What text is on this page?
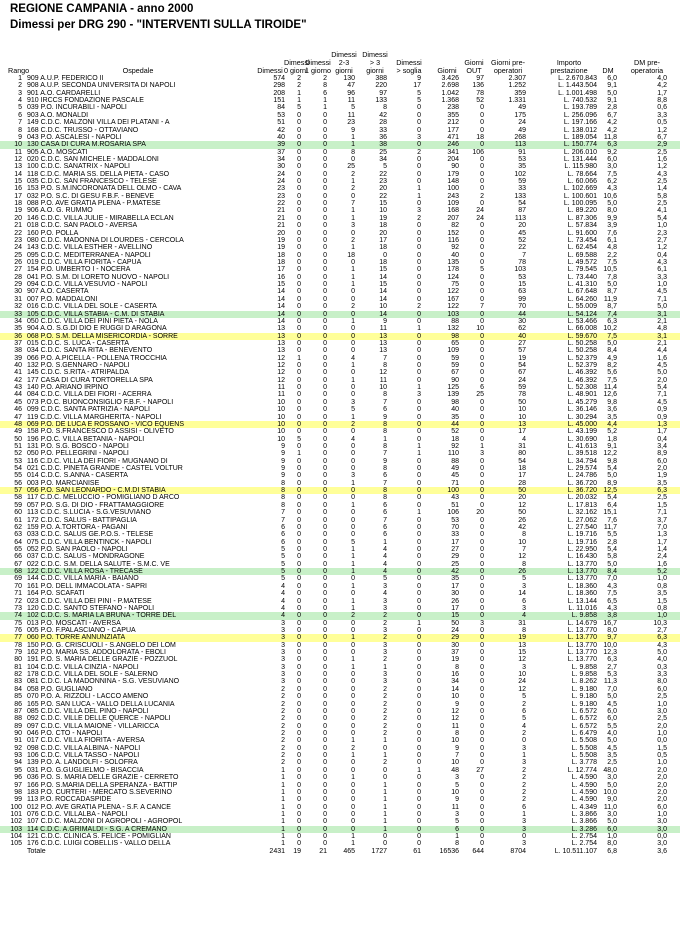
REGIONE CAMPANIA - anno 2000
Dimessi per DRG 290 - "INTERVENTI SULLA TIROIDE"
Rango	Ospedale	Dimessi
Dimessi
0 giorni
Dimessi
1 giorno
Dimessi
2-3
giorni
Dimessi
> 3
giorni
Dimessi
> soglia	Giorni
Giorni
OUT
Giorni pre-
operatori
Importo
prestazione	DM
DM pre-
operatoria
1 909 A.U.P. FEDERICO II	574	2	2	130	388	9	3.426	97	2.307	L. 2.670.843	6,0	4,0
2 908 A.U.P. SECONDA UNIVERSITA DI NAPOLI	298	2	8	47	220	17	2.698	136	1.252	L. 1.443.504	9,1	4,2
3 901 A.O. CARDARELLI	208	1	6	96	97	5	1.042	78	359	L. 1.001.498	5,0	1,7
4 910 IRCCS FONDAZIONE PASCALE	151	1	1	11	133	5	1.368	52	1.331	L. 740.532	9,1	8,8
5 039 P.O. INCURABILI - NAPOLI	84	5	1	5	8	0	238	0	49	L. 193.789	2,8	0,6
6 903 A.O. MONALDI	53	0	0	11	42	0	355	0	175	L. 256.096	6,7	3,3
7 149 C.D.C. MALZONI VILLA DEI PLATANI - A	51	0	0	23	28	0	212	0	24	L. 197.166	4,2	0,5
8 168 C.D.C. TRUSSO - OTTAVIANO	42	0	0	9	33	0	177	0	49	L. 138.012	4,2	1,2
9 043 P.O. ASCALESI - NAPOLI	40	0	0	1	36	3	471	18	268	L. 189.054 11,8	6,7
10 130 CASA DI CURA M.ROSARIA SPA	39	0	0	1	38	0	246	0	113	L. 150.774	6,3	2,9
11 905 A.O. MOSCATI	37	0	0	8	25	2	341	106	91	L. 206.010	9,2	2,5
12 020 C.D.C. SAN MICHELE - MADDALONI	34	0	0	0	34	0	204	0	53	L. 131.444	6,0	1,6
13 100 C.D.C. SANATRIX - NAPOLI	30	0	0	25	5	0	90	0	35	L. 115.980	3,0	1,2
14 118 C.D.C. MARIA SS. DELLA PIETA - CASO	24	0	0	2	22	0	179	0	102	L. 78.664	7,5	4,3
15 035 C.D.C. SAN FRANCESCO - TELESE	24	0	0	1	23	0	148	0	59	L. 60.066	6,2	2,5
16 153 P.O. S.M.INCORONATA DELL OLMO - CAVA	23	0	0	2	20	1	100	0	33	L. 102.669	4,3	1,4
17 032 P.O. S.C. DI GESU F.B.F. - BENEVE	23	0	0	0	22	1	243	2	133	L. 100.601 10,6	5,8
18 088 P.O. AVE GRATIA PLENA - P.MATESE	22	0	0	7	15	0	109	0	54	L. 100.095	5,0	2,5
19 906 A.O. G. RUMMO	21	0	0	1	10	3	168	24	87	L. 89.220	8,0	4,1
20 146 C.D.C. VILLA JULIE - MIRABELLA ECLAN	21	0	0	1	19	2	207	24	113	L. 87.306	9,9	5,4
21 018 C.D.C. SAN PAOLO - AVERSA	21	0	0	3	18	0	82	0	20	L. 57.834	3,9	1,0
22 160 P.O. POLLA	20	0	0	0	20	0	152	0	45	L. 91.600	7,6	2,3
23 080 C.D.C. MADONNA DI LOURDES - CERCOLA	19	0	0	2	17	0	116	0	52	L. 73.454	6,1	2,7
24 143 C.D.C. VILLA ESTHER - AVELLINO	19	0	0	1	18	0	92	0	22	L. 62.454	4,8	1,2
25 095 C.D.C. MEDITERRANEA - NAPOLI	18	0	0	18	0	0	40	0	7	L. 69.588	2,2	0,4
26 019 C.D.C. VILLA FIORITA - CAPUA	18	0	0	0	18	0	135	0	78	L. 49.572	7,5	4,3
27 154 P.O. UMBERTO I - NOCERA	17	0	0	1	15	0	178	5	103	L. 79.545 10,5	6,1
28 041 P.O. S.M. DI LORETO NUOVO - NAPOLI	16	0	0	1	14	0	124	0	53	L. 73.440	7,8	3,3
29 094 C.D.C. VILLA VESUVIO - NAPOLI	15	0	0	1	15	0	75	0	15	L. 41.310	5,0	1,0
30 907 A.O. CASERTA	14	0	0	0	14	0	122	0	63	L. 67.648	8,7	4,5
31 007 P.O. MADDALONI	14	0	0	0	14	0	167	0	99	L. 64.260 11,9	7,1
32 016 C.D.C. VILLA DEL SOLE - CASERTA	14	0	0	2	10	2	122	7	70	L. 55.009	8,7	5,0
33 105 C.D.C. VILLA STABIA - C.M. DI STABIA	14	0	0	0	14	0	103	0	44	L. 54.124	7,4	3,1
34 050 C.D.C. VILLA DEI PINI PIETA - NOLA	14	0	0	1	9	0	88	0	30	L. 53.466	6,3	2,1
35 904 A.O. S.G.DI DIO E RUGGI D ARAGONA	13	0	0	0	11	1	132	10	62	L. 66.008 10,2	4,8
36 068 P.O. S.M. DELLA MISERICORDIA - SORRE	13	0	0	0	13	0	98	0	40	L. 59.670	7,5	3,1
37 015 C.D.C. S. LUCA - CASERTA	13	0	0	0	13	0	65	0	27	L. 50.258	5,0	2,1
38 034 C.D.C. SANTA RITA - BENEVENTO	13	0	0	0	13	0	109	0	57	L. 50.258	8,4	4,4
39 066 P.O. A.PICELLA - POLLENA TROCCHIA	12	1	0	4	7	0	59	0	19	L. 52.379	4,9	1,6
40 132 P.O. S.GENNARO - NAPOLI	12	0	0	1	8	0	59	0	54	L. 52.379	8,2	4,5
41 145 C.D.C. S.RITA - ATRIPALDA	12	0	0	0	12	0	67	0	67	L. 46.392	5,6	5,0
42 177 CASA DI CURA TORTORELLA SPA	12	0	0	1	11	0	90	0	24	L. 46.392	7,5	2,0
43 140 P.O. ARIANO IRPINO	11	0	0	0	10	1	125	6	59	L. 52.308 11,4	5,4
44 084 C.D.C. VILLA DEI FIORI - ACERRA	11	0	0	0	8	3	139	25	78	L. 48.901 12,6	7,1
45 073 P.O.C. BUONCONSIGLIO F.B.F. - NAPOLI	10	0	0	3	7	0	98	0	50	L. 45.279	9,8	4,5
46 099 C.D.C. SANTA PATRIZIA - NAPOLI	10	0	0	5	6	0	40	0	10	L. 36.146	3,6	0,9
47 119 C.D.C. VILLA MARGHERITA - NAPOLI	10	0	0	1	9	0	35	0	10	L. 30.294	3,5	0,9
48 069 P.O. DE LUCA E ROSSANO - VICO EQUENS	10	0	0	2	8	0	44	0	13	L. 45.000	4,4	1,3
49 158 P.O. S.FRANCESCO D ASSISI - OLIVETO	10	0	0	0	8	0	52	0	17	L. 43.199	5,2	1,7
50 196 P.O.C. VILLA BETANIA - NAPOLI	10	5	0	4	1	0	18	0	4	L. 30.690	1,8	0,4
51 131 P.O. S.G. BOSCO - NAPOLI	9	0	0	0	8	1	92	1	31	L. 41.613	9,1	3,4
52 050 P.O. PELLEGRINI - NAPOLI	9	1	0	0	7	1	110	3	80	L. 39.518 12,2	8,9
53 116 C.D.C. VILLA DEI FIORI - MUGNANO DI	9	0	0	0	9	0	88	0	54	L. 34.794	9,8	6,0
54 021 C.D.C. PINETA GRANDE - CASTEL VOLTUR	9	0	0	0	8	0	49	0	18	L. 29.574	5,4	2,0
55 014 C.D.C. S.ANNA - CASERTA	9	0	0	3	6	0	45	0	17	L. 24.786	5,0	1,9
56 003 P.O. MARCIANISE	8	0	0	1	7	0	71	0	28	L. 36.720	8,9	3,5
57 056 P.O. SAN LEONARDO - C.M.DI STABIA	8	0	0	0	8	0	100	0	50	L. 36.720 12,5	6,3
58 117 C.D.C. MELUCCIO - POMIGLIANO D ARCO	8	0	0	0	8	0	43	0	20	L. 20.032	5,4	2,5
59 057 P.O. S.G. DI DIO - FRATTAMAGGIORE	8	0	0	1	6	0	51	0	12	L. 17.813	6,4	1,5
60 113 C.D.C. S.LUCIA - S.G.VESUVIANO	7	0	0	0	6	1	106	20	50	L. 32.162 15,1	7,1
61 172 C.D.C. SALUS - BATTIPAGLIA	7	0	0	0	7	0	53	0	26	L. 27.062	7,6	3,7
62 159 P.O. A.TORTORA - PAGANI	6	0	0	0	6	0	70	0	42	L. 27.540 11,7	7,0
63 033 C.D.C. SALUS GE.P.O.S. - TELESE	6	0	0	0	6	0	33	0	8	L. 19.716	5,5	1,3
64 075 C.D.C. VILLA BENTINCK - NAPOLI	6	0	0	5	1	0	17	0	10	L. 19.716	2,8	1,7
65 052 P.O. SAN PAOLO - NAPOLI	5	0	0	1	4	0	27	0	7	L. 22.950	5,4	1,4
66 037 C.D.C. SALUS - MONDRAGONE	5	0	0	1	4	0	29	0	12	L. 16.430	5,8	2,4
67 022 C.D.C. S.M. DELLA SALUTE - S.M.C. VE	5	0	0	1	4	0	25	0	8	L. 13.770	5,0	1,6
68 122 C.D.C. VILLA ROSA - TRECASE	5	0	0	1	4	0	42	0	26	L. 13.770	8,4	5,2
69 144 C.D.C. VILLA MARIA - BAIANO	5	0	0	0	5	0	35	0	5	L. 13.770	7,0	1,0
70 161 P.O. DELL IMMACOLATA - SAPRI	4	0	0	1	3	0	17	0	3	L. 18.360	4,3	0,8
71 164 P.O. SCAFATI	4	0	0	0	4	0	30	0	14	L. 18.360	7,5	3,5
72 023 C.D.C. VILLA DEI PINI - P.MATESE	4	0	0	1	3	0	26	0	6	L. 13.144	6,5	1,5
73 120 C.D.C. SANTO STEFANO - NAPOLI	4	0	0	1	3	0	17	0	3	L. 11.016	4,3	0,8
74 102 C.D.C. S. MARIA LA BRUNA - TORRE DEL	4	0	0	2	2	0	15	0	4	L. 9.858	3,8	1,0
75 013 P.O. MOSCATI - AVERSA	3	0	0	0	2	1	50	3	31	L. 14.679 16,7	10,3
76 005 P.O. F.PALASCIANO - CAPUA	3	0	0	0	3	0	24	0	8	L. 13.770	8,0	2,7
77 060 P.O. TORRE ANNUNZIATA	3	0	0	1	2	0	29	0	19	L. 13.770	9,7	6,3
78 150 P.O. G. CRISCUOLI - S.ANGELO DEI LOM	3	0	0	0	3	0	30	0	13	L. 13.770 10,0	4,3
79 162 P.O. MARIA SS. ADDOLORATA - EBOLI	3	0	0	0	3	0	37	0	15	L. 13.770 12,3	5,0
80 191 P.O. S. MARIA DELLE GRAZIE - POZZUOL	3	0	0	1	2	0	19	0	12	L. 13.770	6,3	4,0
81 104 C.D.C. VILLA CINZIA - NAPOLI	3	0	0	1	1	0	8	0	3	L. 9.858	2,7	0,3
82 178 C.D.C. VILLA DEL SOLE - SALERNO	3	0	0	0	3	0	16	0	10	L. 9.858	5,3	3,3
83 081 C.D.C. LA MADONNINA - S.G. VESUVIANO	3	0	0	0	3	0	34	0	24	L. 8.262 11,3	8,0
84 058 P.O. GUGLIANO	2	0	0	0	2	0	14	0	12	L. 9.180	7,0	6,0
85 070 P.O. A. RIZZOLI - LACCO AMENO	2	0	0	0	2	0	10	0	5	L. 9.180	5,0	2,5
86 165 P.O. SAN LUCA - VALLO DELLA LUCANIA	2	0	0	0	2	0	9	0	2	L. 9.180	4,5	1,0
87 085 C.D.C. VILLA DEL PINO - NAPOLI	2	0	0	0	2	0	12	0	6	L. 6.572	6,0	3,0
88 092 C.D.C. VILLE DELLE QUERCE - NAPOLI	2	0	0	0	2	0	12	0	5	L. 6.572	6,0	2,5
89 097 C.D.C. VILLA MAIONE - VILLARICCA	2	0	0	0	2	0	11	0	4	L. 6.572	5,5	2,0
90 046 P.O. CTO - NAPOLI	2	0	0	0	2	0	8	0	2	L. 6.479	4,0	1,0
91 017 C.D.C. VILLA FIORITA - AVERSA	2	0	0	1	1	0	10	0	0	L. 5.508	5,0	0,0
92 098 C.D.C. VILLA ALBINA - NAPOLI	2	0	0	2	0	0	9	0	3	L. 5.508	4,5	1,5
93 106 C.D.C. VILLA TASSO - NAPOLI	2	0	0	1	1	0	7	0	1	L. 5.508	3,5	0,5
94 139 P.O. A. LANDOLFI - SOLOFRA	2	0	0	0	2	0	10	0	3	L. 3.778	2,5	1,0
95 031 P.O. G.GUGLIELMO - BISACCIA	1	0	0	0	0	1	48	27	2	L. 12.774 48,0	2,0
96 036 P.O. S. MARIA DELLE GRAZIE - CERRETO	1	0	0	1	0	0	3	0	2	L. 4.590	3,0	2,0
97 166 P.O. S.MARIA DELLA SPERANZA - BATTIP	1	0	0	0	1	0	5	0	2	L. 4.590	5,0	2,0
98 183 P.O. CURTERI - MERCATO S.SEVERINO	1	0	0	0	1	0	10	0	2	L. 4.590 10,0	2,0
99 113 P.O. ROCCADASPIDE	1	0	0	0	1	0	9	0	2	L. 4.590	9,0	2,0
100 012 P.O. AVE GRATIA PLENA - S.F. A CANCE	1	0	0	0	1	0	11	0	6	L. 4.349 11,0	6,0
101 076 C.D.C. VILLALBA - NAPOLI	1	0	0	0	1	0	3	0	1	L. 3.866	3,0	1,0
102 107 C.D.C. MALZONI DI AGROPOLI - AGROPOL	1	0	0	0	1	0	5	0	3	L. 3.866	5,0	3,0
103 114 C.D.C. A.GRIMALDI - S.G. A CREMANO	1	0	0	0	1	0	6	0	3	L. 3.286	6,0	3,0
104 121 C.D.C. CLINICA S. FELICE - POMIGLIAN	1	0	0	1	0	0	1	0	0	L. 2.754	1,0	0,0
105 176 C.D.C. LUIGI COBELLIS - VALLO DELLA	1	0	0	1	0	0	8	0	3	L. 2.754	8,0	3,0
Totale	2431	19	21	465	1727	61	16536	644	8704	L. 10.511.107	6,8	3,6
